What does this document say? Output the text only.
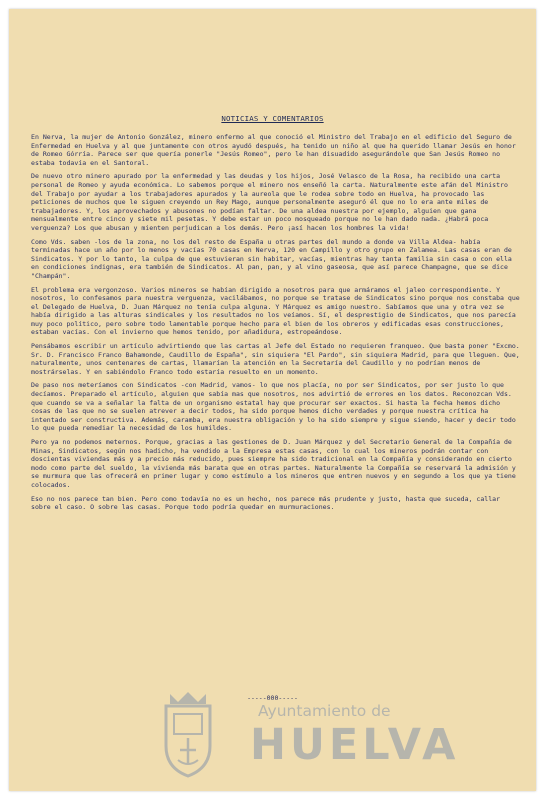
NOTICIAS Y COMENTARIOS

En Nerva, la mujer de Antonio González, minero enfermo al que conoció el Ministro del Trabajo en el edificio del Seguro de Enfermedad en Huelva y al que juntamente con otros ayudó después, ha tenido un niño al que ha querido llamar Jesús en honor de Romeo Górría. Parece ser que quería ponerle "Jesús Romeo", pero le han disuadido asegurándole que San Jesús Romeo no estaba todavía en el Santoral.

De nuevo otro minero apurado por la enfermedad y las deudas y los hijos, José Velasco de la Rosa, ha recibido una carta personal de Romeo y ayuda económica. Lo sabemos porque el minero nos enseñó la carta. Naturalmente este afán del Ministro del Trabajo por ayudar a los trabajadores apurados y la aureola que le rodea sobre todo en Huelva, ha provocado las peticiones de muchos que le siguen creyendo un Rey Mago, aunque personalmente aseguró él que no lo era ante miles de trabajadores. Y, los aprovechados y abusones no podían faltar. De una aldea nuestra por ejemplo, alguien que gana mensualmente entre cinco y siete mil pesetas. Y debe estar un poco mosqueado porque no le han dado nada. ¿Habrá poca verguenza? Los que abusan y mienten perjudican a los demás. Pero ¡así hacen los hombres la vida!

Como Vds. saben -los de la zona, no los del resto de España u otras partes del mundo a donde va Villa Aldea- había terminadas hace un año por lo menos y vacías 70 casas en Nerva, 120 en Campillo y otro grupo en Zalamea. Las casas eran de Sindicatos. Y por lo tanto, la culpa de que estuvieran sin habitar, vacías, mientras hay tanta familia sin casa o con ella en condiciones indignas, era también de Sindicatos. Al pan, pan, y al vino gaseosa, que así parece Champagne, que se dice "Champán".

El problema era vergonzoso. Varios mineros se habían dirigido a nosotros para que armáramos el jaleo correspondiente. Y nosotros, lo confesamos para nuestra verguenza, vacilábamos, no porque se tratase de Sindicatos sino porque nos constaba que el Delegado de Huelva, D. Juan Márquez no tenía culpa alguna. Y Márquez es amigo nuestro. Sabíamos que una y otra vez se había dirigido a las alturas sindicales y los resultados no los veíamos. Sí, el desprestigio de Sindicatos, que nos parecía muy poco político, pero sobre todo lamentable porque hecho para el bien de los obreros y edificadas esas construcciones, estaban vacías. Con el invierno que hemos tenido, por añadidura, estropeándose.

Pensábamos escribir un artículo advirtiendo que las cartas al Jefe del Estado no requieren franqueo. Que basta poner "Excmo. Sr. D. Francisco Franco Bahamonde, Caudillo de España", sin siquiera "El Pardo", sin siquiera Madrid, para que lleguen. Que, naturalmente, unos centenares de cartas, llamarían la atención en la Secretaría del Caudillo y no podrían menos de mostrárselas. Y en sabiéndolo Franco todo estaría resuelto en un momento.

De paso nos meteríamos con Sindicatos -con Madrid, vamos- lo que nos placía, no por ser Sindicatos, por ser justo lo que decíamos. Preparado el artículo, alguien que sabía mas que nosotros, nos advirtió de errores en los datos. Reconozcan Vds. que cuando se va a señalar la falta de un organismo estatal hay que procurar ser exactos. Si hasta la fecha hemos dicho cosas de las que no se suelen atrever a decir todos, ha sido porque hemos dicho verdades y porque nuestra crítica ha intentado ser constructiva. Además, caramba, era nuestra obligación y lo ha sido siempre y sigue siendo, hacer y decir todo lo que pueda remediar la necesidad de los humildes.

Pero ya no podemos meternos. Porque, gracias a las gestiones de D. Juan Márquez y del Secretario General de la Compañía de Minas, Sindicatos, según nos hadicho, ha vendido a la Empresa estas casas, con lo cual los mineros podrán contar con doscientas viviendas más y a precio más reducido, pues siempre ha sido tradicional en la Compañía y considerando en cierto modo como parte del sueldo, la vivienda más barata que en otras partes. Naturalmente la Compañía se reservará la admisión y se murmura que las ofrecerá en primer lugar y como estímulo a los mineros que entren nuevos y en segundo a los que ya tiene colocados.

Eso no nos parece tan bien. Pero como todavía no es un hecho, nos parece más prudente y justo, hasta que suceda, callar sobre el caso. O sobre las casas. Porque todo podría quedar en murmuraciones.

-----000-----
Ayuntamiento de
HUELVA
